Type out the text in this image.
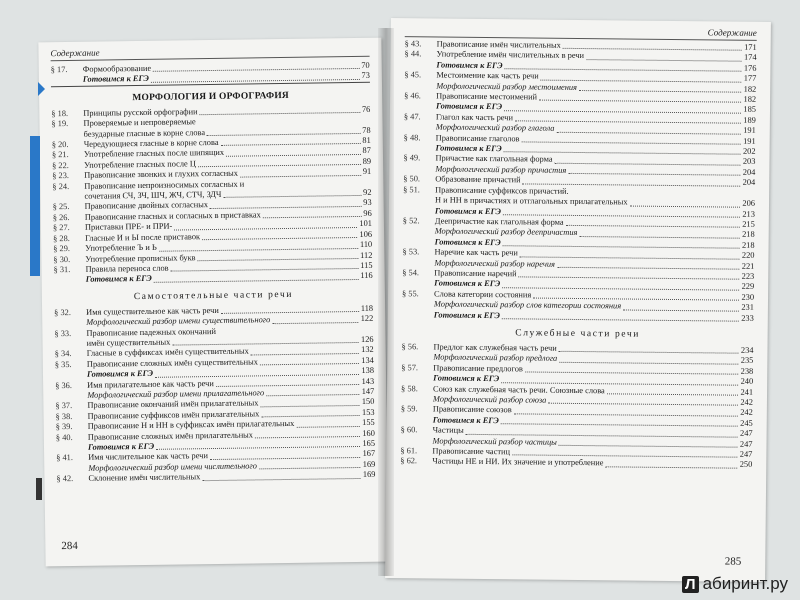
Содержание
§ 17.	Формообразование	70
Готовимся к ЕГЭ	73
МОРФОЛОГИЯ И ОРФОГРАФИЯ
§ 18.	Принципы русской орфографии	76
§ 19.	Проверяемые и непроверяемые
безударные гласные в корне слова	78
§ 20.	Чередующиеся гласные в корне слова	81
§ 21.	Употребление гласных после шипящих	87
§ 22.	Употребление гласных после Ц	89
§ 23.	Правописание звонких и глухих согласных	91
§ 24.	Правописание непроизносимых согласных и
сочетания СЧ, ЗЧ, ШЧ, ЖЧ, СТЧ, ЗДЧ	92
§ 25.	Правописание двойных согласных	93
§ 26.	Правописание гласных и согласных в приставках	96
§ 27.	Приставки ПРЕ- и ПРИ-	101
§ 28.	Гласные И и Ы после приставок	106
§ 29.	Употребление Ъ и Ь	110
§ 30.	Употребление прописных букв	112
§ 31.	Правила переноса слов	115
Готовимся к ЕГЭ	116
Самостоятельные части речи
§ 32.	Имя существительное как часть речи	118
Морфологический разбор имени существительного	122
§ 33.	Правописание падежных окончаний
имён существительных	126
§ 34.	Гласные в суффиксах имён существительных	132
§ 35.	Правописание сложных имён существительных	134
Готовимся к ЕГЭ	138
§ 36.	Имя прилагательное как часть речи	143
Морфологический разбор имени прилагательного	147
§ 37.	Правописание окончаний имён прилагательных	150
§ 38.	Правописание суффиксов имён прилагательных	153
§ 39.	Правописание Н и НН в суффиксах имён прилагательных	155
§ 40.	Правописание сложных имён прилагательных	160
Готовимся к ЕГЭ	165
§ 41.	Имя числительное как часть речи	167
Морфологический разбор имени числительного	169
§ 42.	Склонение имён числительных	169
284
Содержание
§ 43.	Правописание имён числительных	171
§ 44.	Употребление имён числительных в речи	174
Готовимся к ЕГЭ	176
§ 45.	Местоимение как часть речи	177
Морфологический разбор местоимения	182
§ 46.	Правописание местоимений	182
Готовимся к ЕГЭ	185
§ 47.	Глагол как часть речи	189
Морфологический разбор глагола	191
§ 48.	Правописание глаголов	191
Готовимся к ЕГЭ	202
§ 49.	Причастие как глагольная форма	203
Морфологический разбор причастия	204
§ 50.	Образование причастий	204
§ 51.	Правописание суффиксов причастий.
Н и НН в причастиях и отглагольных прилагательных	206
Готовимся к ЕГЭ	213
§ 52.	Деепричастие как глагольная форма	215
Морфологический разбор деепричастия	218
Готовимся к ЕГЭ	218
§ 53.	Наречие как часть речи	220
Морфологический разбор наречия	221
§ 54.	Правописание наречий	223
Готовимся к ЕГЭ	229
§ 55.	Слова категории состояния	230
Морфологический разбор слов категории состояния	231
Готовимся к ЕГЭ	233
Служебные части речи
§ 56.	Предлог как служебная часть речи	234
Морфологический разбор предлога	235
§ 57.	Правописание предлогов	238
Готовимся к ЕГЭ	240
§ 58.	Союз как служебная часть речи. Союзные слова	241
Морфологический разбор союза	242
§ 59.	Правописание союзов	242
Готовимся к ЕГЭ	245
§ 60.	Частицы	247
Морфологический разбор частицы	247
§ 61.	Правописание частиц	247
§ 62.	Частицы НЕ и НИ. Их значение и употребление	250
285
Л абиринт.ру
